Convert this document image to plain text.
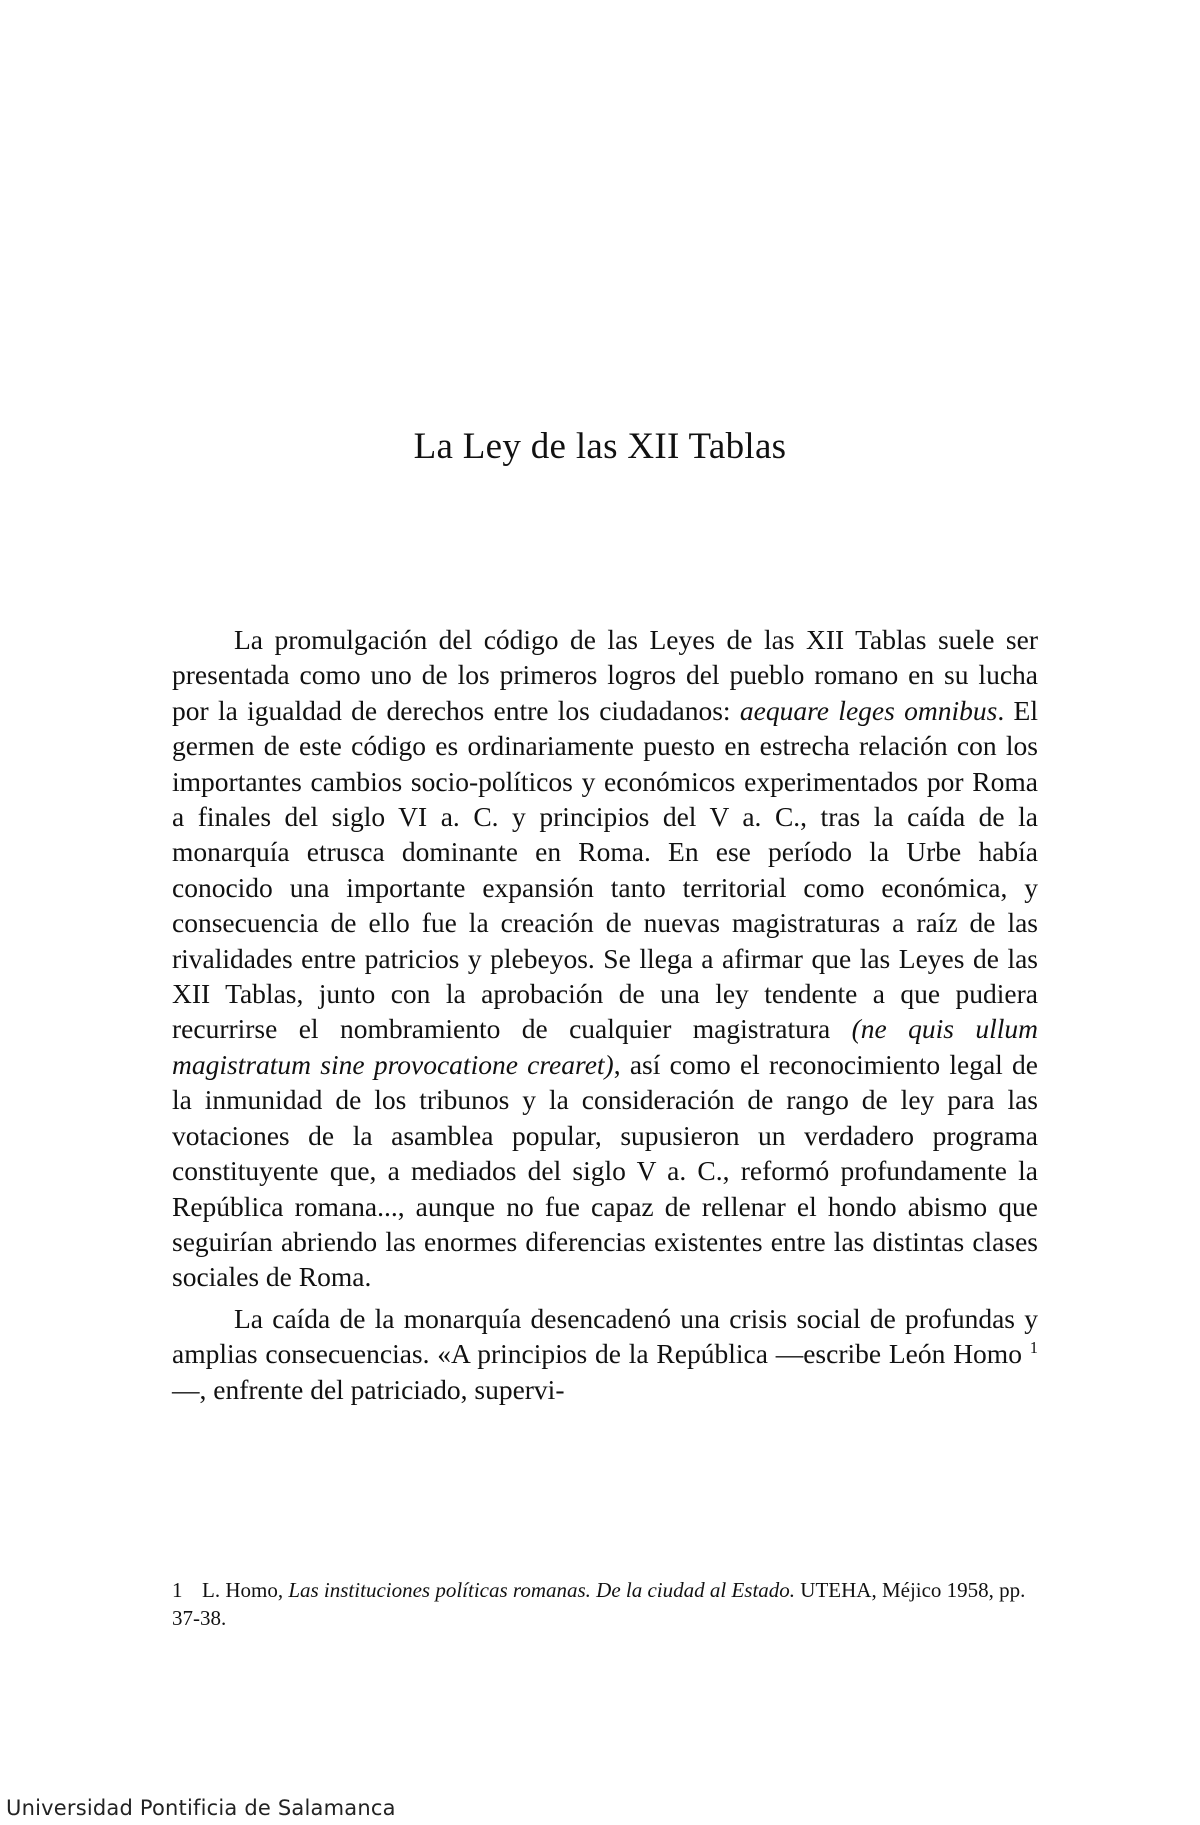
La Ley de las XII Tablas

La promulgación del código de las Leyes de las XII Tablas suele ser presentada como uno de los primeros logros del pueblo romano en su lucha por la igualdad de derechos entre los ciudadanos: aequare leges omnibus. El germen de este código es ordinariamente puesto en estrecha relación con los importantes cambios socio-políticos y económicos experimentados por Roma a finales del siglo VI a. C. y principios del V a. C., tras la caída de la monarquía etrusca dominante en Roma. En ese período la Urbe había conocido una importante expansión tanto territorial como económica, y consecuencia de ello fue la creación de nuevas magistraturas a raíz de las rivalidades entre patricios y plebeyos. Se llega a afirmar que las Leyes de las XII Tablas, junto con la aprobación de una ley tendente a que pudiera recurrirse el nombramiento de cualquier magistratura (ne quis ullum magistratum sine provocatione crearet), así como el reconocimiento legal de la inmunidad de los tribunos y la consideración de rango de ley para las votaciones de la asamblea popular, supusieron un verdadero programa constituyente que, a mediados del siglo V a. C., reformó profundamente la República romana..., aunque no fue capaz de rellenar el hondo abismo que seguirían abriendo las enormes diferencias existentes entre las distintas clases sociales de Roma.

La caída de la monarquía desencadenó una crisis social de profundas y amplias consecuencias. «A principios de la República —escribe León Homo $^1$—, enfrente del patriciado, supervi-

1 L. Homo, Las instituciones políticas romanas. De la ciudad al Estado. UTEHA, Méjico 1958, pp. 37-38.

Universidad Pontificia de Salamanca
